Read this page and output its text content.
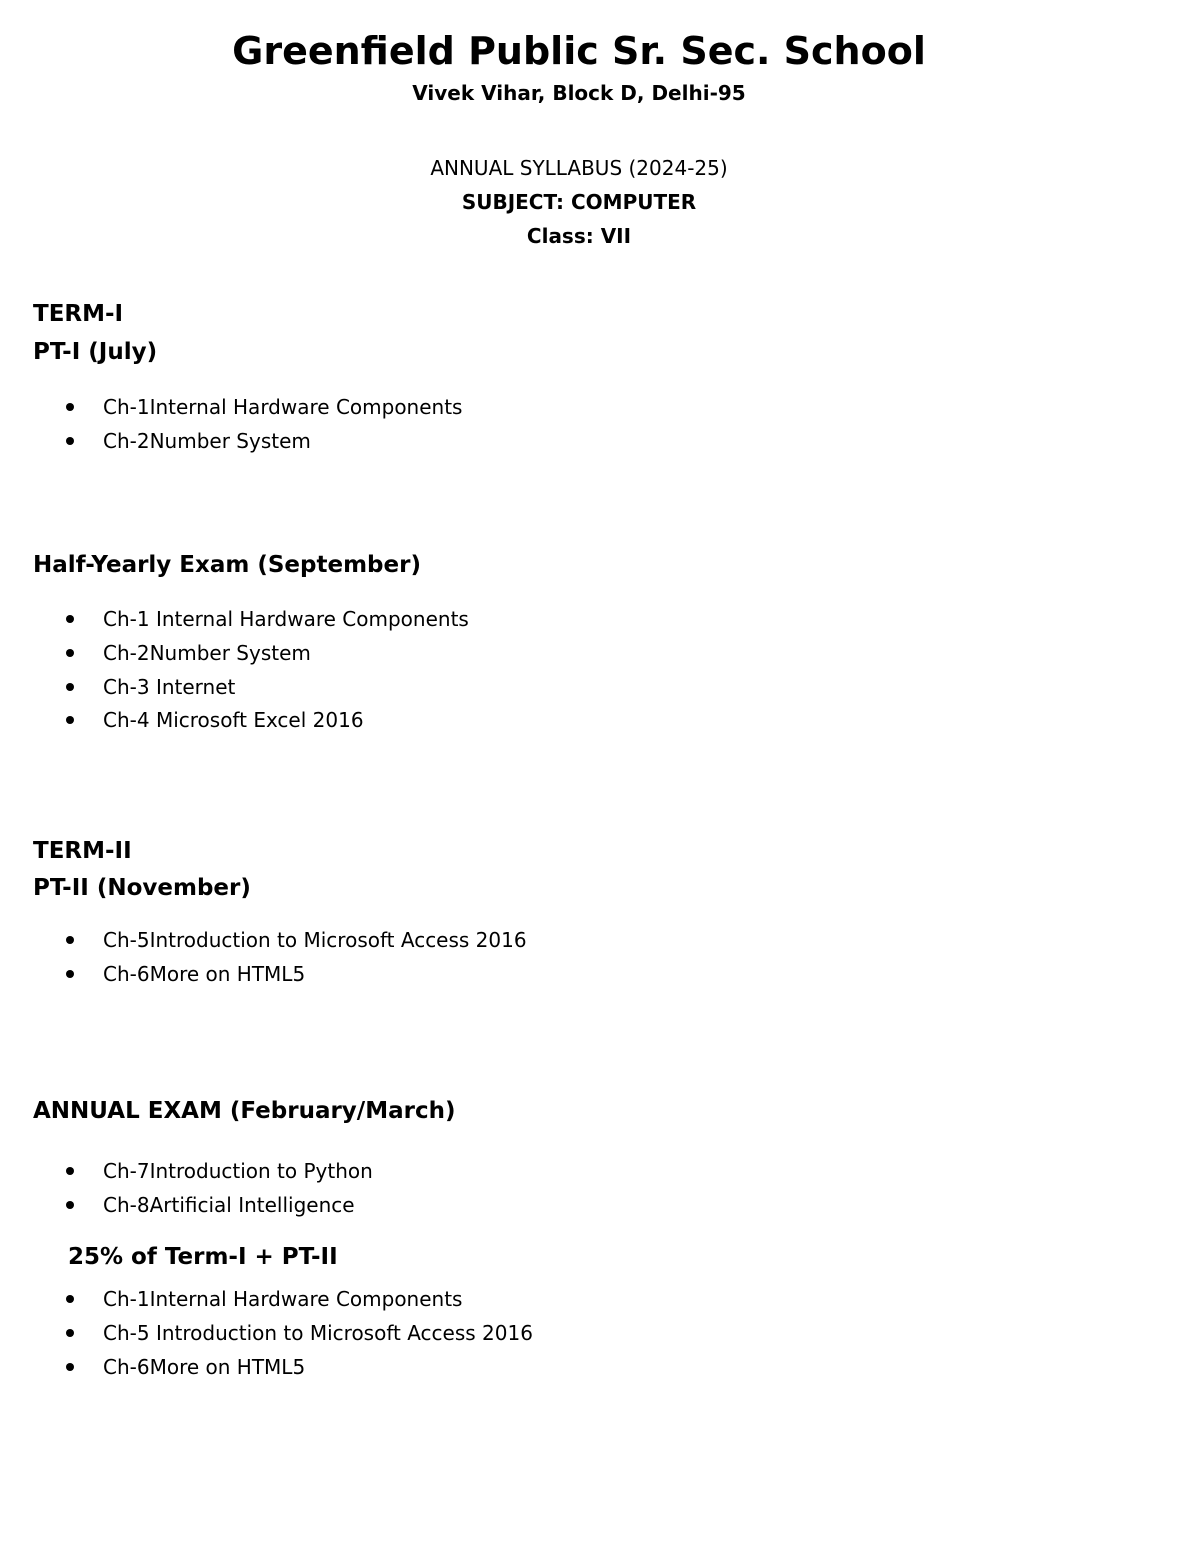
Greenfield Public Sr. Sec. School
Vivek Vihar, Block D, Delhi-95
ANNUAL SYLLABUS (2024-25)
SUBJECT: COMPUTER
Class: VII
TERM-I
PT-I (July)
Ch-1Internal Hardware Components
Ch-2Number System
Half-Yearly Exam (September)
Ch-1 Internal Hardware Components
Ch-2Number System
Ch-3 Internet
Ch-4 Microsoft Excel 2016
TERM-II
PT-II (November)
Ch-5Introduction to Microsoft Access 2016
Ch-6More on HTML5
ANNUAL EXAM (February/March)
Ch-7Introduction to Python
Ch-8Artificial Intelligence
25% of Term-I + PT-II
Ch-1Internal Hardware Components
Ch-5 Introduction to Microsoft Access 2016
Ch-6More on HTML5
